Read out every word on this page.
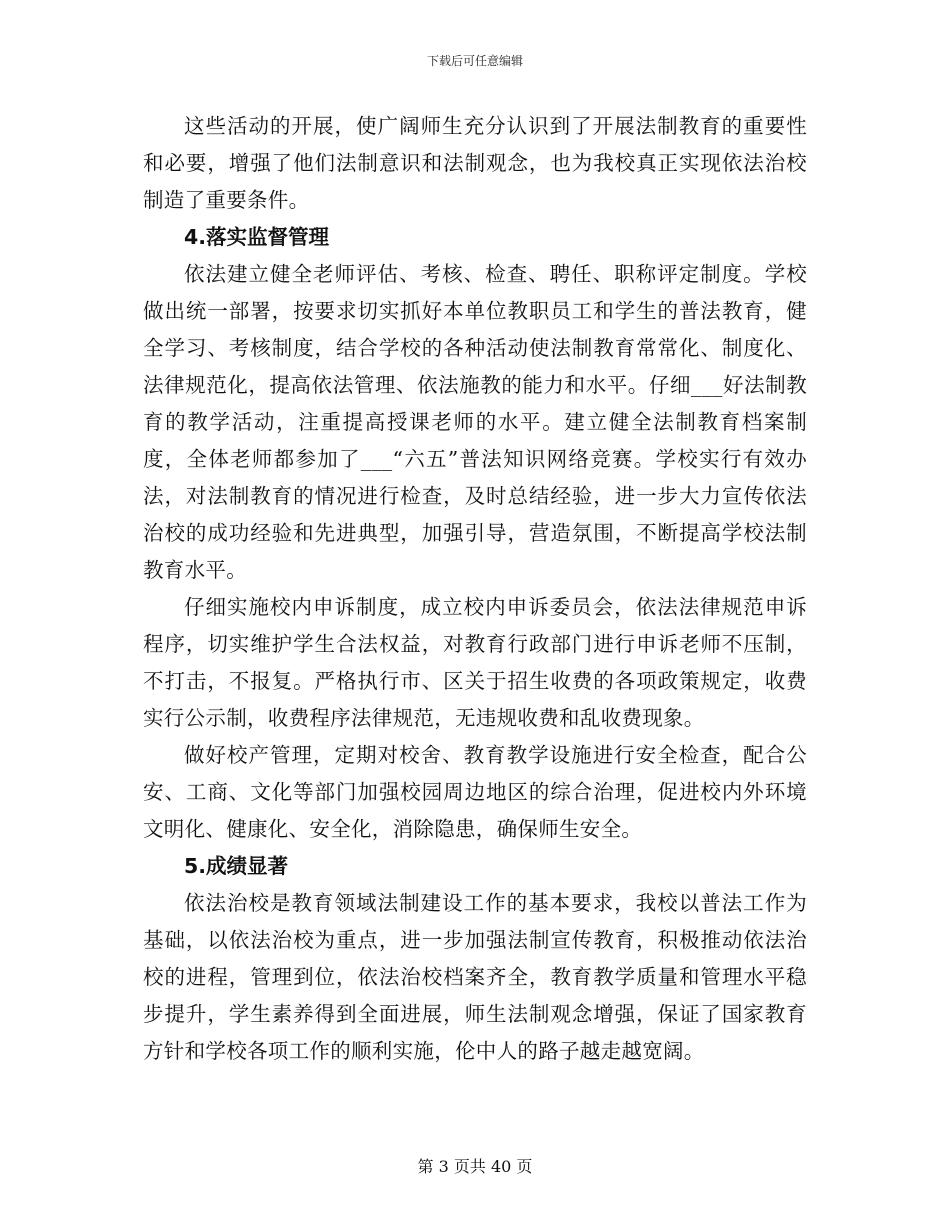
下载后可任意编辑

这些活动的开展，使广阔师生充分认识到了开展法制教育的重要性和必要，增强了他们法制意识和法制观念，也为我校真正实现依法治校制造了重要条件。

4.落实监督管理

依法建立健全老师评估、考核、检查、聘任、职称评定制度。学校做出统一部署，按要求切实抓好本单位教职员工和学生的普法教育，健全学习、考核制度，结合学校的各种活动使法制教育常常化、制度化、法律规范化，提高依法管理、依法施教的能力和水平。仔细___好法制教育的教学活动，注重提高授课老师的水平。建立健全法制教育档案制度，全体老师都参加了___“六五”普法知识网络竞赛。学校实行有效办法，对法制教育的情况进行检查，及时总结经验，进一步大力宣传依法治校的成功经验和先进典型，加强引导，营造氛围，不断提高学校法制教育水平。

仔细实施校内申诉制度，成立校内申诉委员会，依法法律规范申诉程序，切实维护学生合法权益，对教育行政部门进行申诉老师不压制，不打击，不报复。严格执行市、区关于招生收费的各项政策规定，收费实行公示制，收费程序法律规范，无违规收费和乱收费现象。

做好校产管理，定期对校舍、教育教学设施进行安全检查，配合公安、工商、文化等部门加强校园周边地区的综合治理，促进校内外环境文明化、健康化、安全化，消除隐患，确保师生安全。

5.成绩显著

依法治校是教育领域法制建设工作的基本要求，我校以普法工作为基础，以依法治校为重点，进一步加强法制宣传教育，积极推动依法治校的进程，管理到位，依法治校档案齐全，教育教学质量和管理水平稳步提升，学生素养得到全面进展，师生法制观念增强，保证了国家教育方针和学校各项工作的顺利实施，伦中人的路子越走越宽阔。

第 3 页共 40 页
